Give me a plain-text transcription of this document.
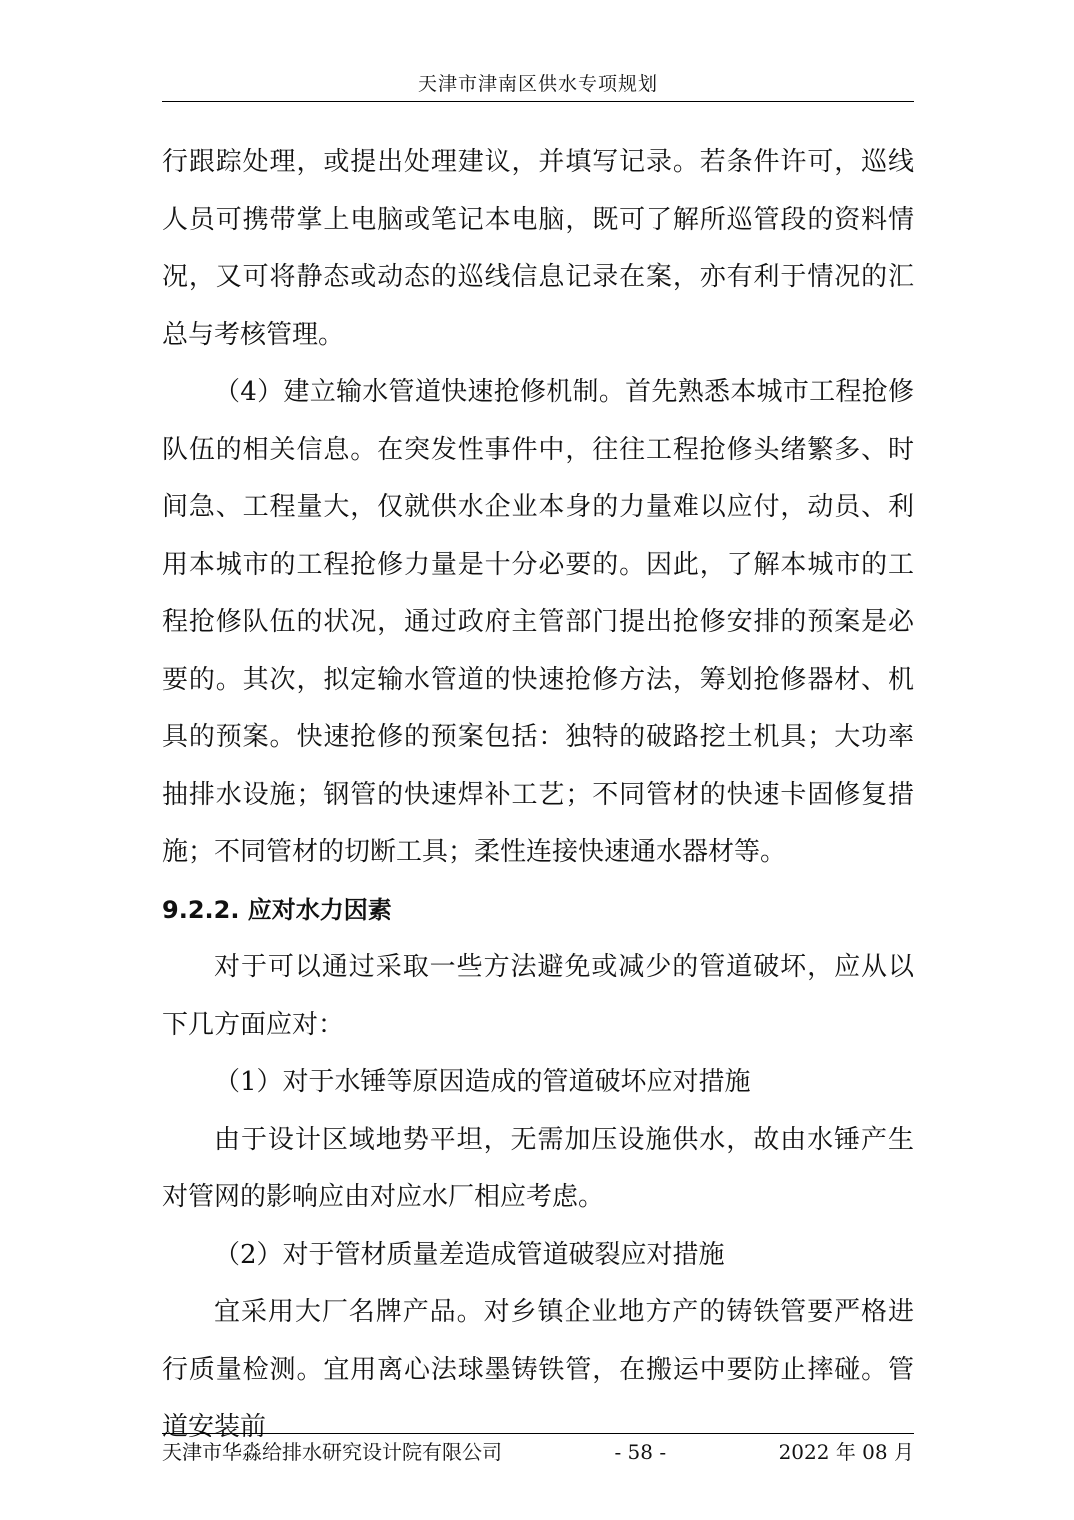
天津市津南区供水专项规划

行跟踪处理，或提出处理建议，并填写记录。若条件许可，巡线人员可携带掌上电脑或笔记本电脑，既可了解所巡管段的资料情况，又可将静态或动态的巡线信息记录在案，亦有利于情况的汇总与考核管理。

（4）建立输水管道快速抢修机制。首先熟悉本城市工程抢修队伍的相关信息。在突发性事件中，往往工程抢修头绪繁多、时间急、工程量大，仅就供水企业本身的力量难以应付，动员、利用本城市的工程抢修力量是十分必要的。因此，了解本城市的工程抢修队伍的状况，通过政府主管部门提出抢修安排的预案是必要的。其次，拟定输水管道的快速抢修方法，筹划抢修器材、机具的预案。快速抢修的预案包括：独特的破路挖土机具；大功率抽排水设施；钢管的快速焊补工艺；不同管材的快速卡固修复措施；不同管材的切断工具；柔性连接快速通水器材等。

9.2.2. 应对水力因素

对于可以通过采取一些方法避免或减少的管道破坏，应从以下几方面应对：

（1）对于水锤等原因造成的管道破坏应对措施

由于设计区域地势平坦，无需加压设施供水，故由水锤产生对管网的影响应由对应水厂相应考虑。

（2）对于管材质量差造成管道破裂应对措施

宜采用大厂名牌产品。对乡镇企业地方产的铸铁管要严格进行质量检测。宜用离心法球墨铸铁管，在搬运中要防止摔碰。管道安装前

天津市华淼给排水研究设计院有限公司	- 58 -	2022 年 08 月
